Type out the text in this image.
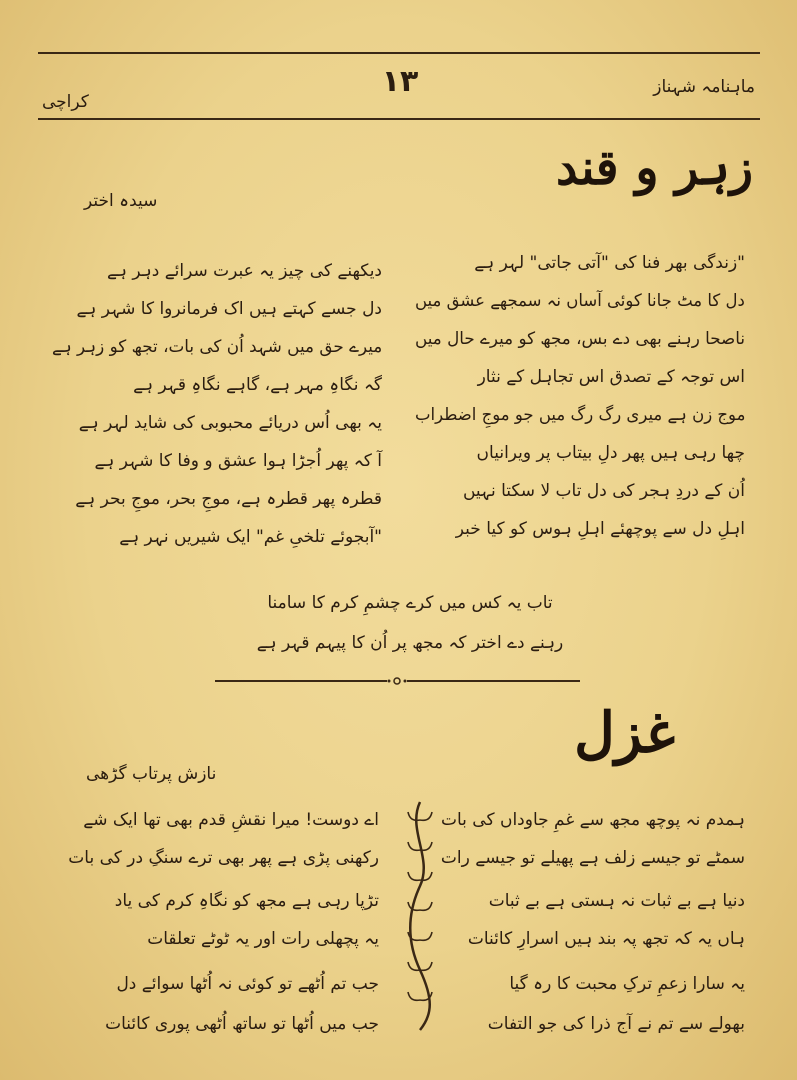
ماہنامہ شہناز
۱۳
کراچی
زہر و قند
سیدہ اختر
"زندگی بھر فنا کی "آتی جاتی" لہر ہے
دل کا مٹ جانا کوئی آساں نہ سمجھے عشق میں
ناصحا رہنے بھی دے بس، مجھ کو میرے حال میں
اس توجہ کے تصدق اس تجاہل کے نثار
موج زن ہے میری رگ رگ میں جو موجِ اضطراب
چھا رہی ہیں پھر دلِ بیتاب پر ویرانیاں
اُن کے دردِ ہجر کی دل تاب لا سکتا نہیں
اہلِ دل سے پوچھئے اہلِ ہوس کو کیا خبر
دیکھنے کی چیز یہ عبرت سرائے دہر ہے
دل جسے کہتے ہیں اک فرمانروا کا شہر ہے
میرے حق میں شہد اُن کی بات، تجھ کو زہر ہے
گہ نگاہِ مہر ہے، گاہے نگاہِ قہر ہے
یہ بھی اُس دریائے محبوبی کی شاید لہر ہے
آ کہ پھر اُجڑا ہوا عشق و وفا کا شہر ہے
قطرہ پھر قطرہ ہے، موجِ بحر، موجِ بحر ہے
"آبجوئے تلخیِ غم" ایک شیریں نہر ہے
تاب یہ کس میں کرے چشمِ کرم کا سامنا
رہنے دے اختر کہ مجھ پر اُن کا پیہم قہر ہے
غزل
نازش پرتاب گڑھی
ہمدم نہ پوچھ مجھ سے غمِ جاوداں کی بات
سمٹے تو جیسے زلف ہے پھیلے تو جیسے رات
دنیا ہے بے ثبات نہ ہستی ہے بے ثبات
ہاں یہ کہ تجھ پہ بند ہیں اسرارِ کائنات
یہ سارا زعمِ ترکِ محبت کا رہ گیا
بھولے سے تم نے آج ذرا کی جو التفات
اے دوست! میرا نقشِ قدم بھی تھا ایک شے
رکھنی پڑی ہے پھر بھی ترے سنگِ در کی بات
تڑپا رہی ہے مجھ کو نگاہِ کرم کی یاد
یہ پچھلی رات اور یہ ٹوٹے تعلقات
جب تم اُٹھے تو کوئی نہ اُٹھا سوائے دل
جب میں اُٹھا تو ساتھ اُٹھی پوری کائنات
